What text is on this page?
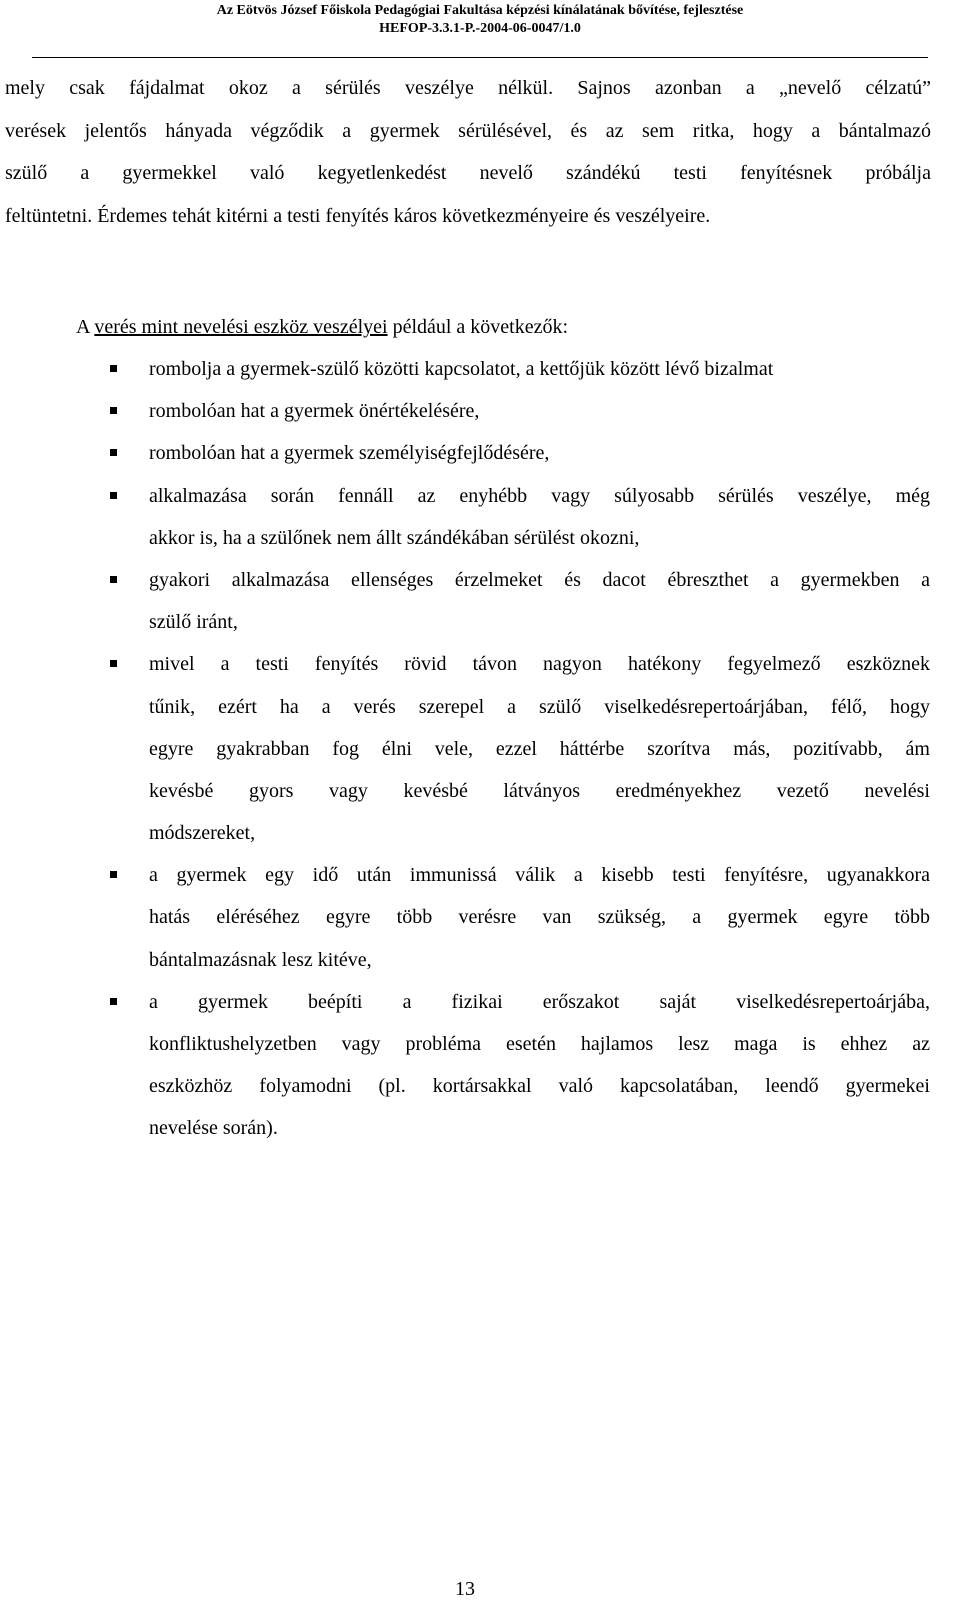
Az Eötvös József Főiskola Pedagógiai Fakultása képzési kínálatának bővítése, fejlesztése
HEFOP-3.3.1-P.-2004-06-0047/1.0
mely csak fájdalmat okoz a sérülés veszélye nélkül. Sajnos azonban a „nevelő célzatú”
verések jelentős hányada végződik a gyermek sérülésével, és az sem ritka, hogy a bántalmazó
szülő a gyermekkel való kegyetlenkedést nevelő szándékú testi fenyítésnek próbálja
feltüntetni. Érdemes tehát kitérni a testi fenyítés káros következményeire és veszélyeire.
A verés mint nevelési eszköz veszélyei például a következők:
rombolja a gyermek-szülő közötti kapcsolatot, a kettőjük között lévő bizalmat
rombolóan hat a gyermek önértékelésére,
rombolóan hat a gyermek személyiségfejlődésére,
alkalmazása során fennáll az enyhébb vagy súlyosabb sérülés veszélye, még
akkor is, ha a szülőnek nem állt szándékában sérülést okozni,
gyakori alkalmazása ellenséges érzelmeket és dacot ébreszthet a gyermekben a
szülő iránt,
mivel a testi fenyítés rövid távon nagyon hatékony fegyelmező eszköznek
tűnik, ezért ha a verés szerepel a szülő viselkedésrepertoárjában, félő, hogy
egyre gyakrabban fog élni vele, ezzel háttérbe szorítva más, pozitívabb, ám
kevésbé gyors vagy kevésbé látványos eredményekhez vezető nevelési
módszereket,
a gyermek egy idő után immunissá válik a kisebb testi fenyítésre, ugyanakkora
hatás eléréséhez egyre több verésre van szükség, a gyermek egyre több
bántalmazásnak lesz kitéve,
a gyermek beépíti a fizikai erőszakot saját viselkedésrepertoárjába,
konfliktushelyzetben vagy probléma esetén hajlamos lesz maga is ehhez az
eszközhöz folyamodni (pl. kortársakkal való kapcsolatában, leendő gyermekei
nevelése során).
13
